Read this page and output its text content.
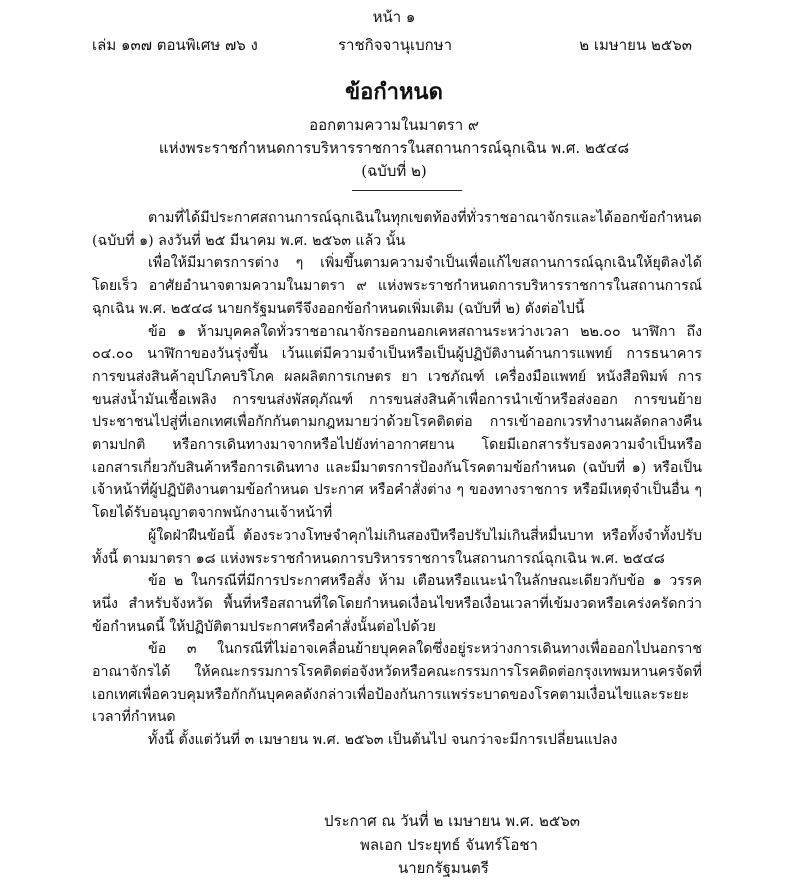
หน้า ๑
เล่ม ๑๓๗ ตอนพิเศษ ๗๖ ง	ราชกิจจานุเบกษา	๒ เมษายน ๒๕๖๓
ข้อกำหนด
ออกตามความในมาตรา ๙
แห่งพระราชกำหนดการบริหารราชการในสถานการณ์ฉุกเฉิน พ.ศ. ๒๕๔๘
(ฉบับที่ ๒)

ตามที่ได้มีประกาศสถานการณ์ฉุกเฉินในทุกเขตท้องที่ทั่วราชอาณาจักรและได้ออกข้อกำหนด (ฉบับที่ ๑) ลงวันที่ ๒๕ มีนาคม พ.ศ. ๒๕๖๓ แล้ว นั้น

เพื่อให้มีมาตรการต่าง ๆ เพิ่มขึ้นตามความจำเป็นเพื่อแก้ไขสถานการณ์ฉุกเฉินให้ยุติลงได้โดยเร็ว อาศัยอำนาจตามความในมาตรา ๙ แห่งพระราชกำหนดการบริหารราชการในสถานการณ์ฉุกเฉิน พ.ศ. ๒๕๔๘ นายกรัฐมนตรีจึงออกข้อกำหนดเพิ่มเติม (ฉบับที่ ๒) ดังต่อไปนี้

ข้อ ๑ ห้ามบุคคลใดทั่วราชอาณาจักรออกนอกเคหสถานระหว่างเวลา ๒๒.๐๐ นาฬิกา ถึง ๐๔.๐๐ นาฬิกาของวันรุ่งขึ้น เว้นแต่มีความจำเป็นหรือเป็นผู้ปฏิบัติงานด้านการแพทย์ การธนาคาร การขนส่งสินค้าอุปโภคบริโภค ผลผลิตการเกษตร ยา เวชภัณฑ์ เครื่องมือแพทย์ หนังสือพิมพ์ การขนส่งน้ำมันเชื้อเพลิง การขนส่งพัสดุภัณฑ์ การขนส่งสินค้าเพื่อการนำเข้าหรือส่งออก การขนย้ายประชาชนไปสู่ที่เอกเทศเพื่อกักกันตามกฎหมายว่าด้วยโรคติดต่อ การเข้าออกเวรทำงานผลัดกลางคืนตามปกติ หรือการเดินทางมาจากหรือไปยังท่าอากาศยาน โดยมีเอกสารรับรองความจำเป็นหรือเอกสารเกี่ยวกับสินค้าหรือการเดินทาง และมีมาตรการป้องกันโรคตามข้อกำหนด (ฉบับที่ ๑) หรือเป็นเจ้าหน้าที่ผู้ปฏิบัติงานตามข้อกำหนด ประกาศ หรือคำสั่งต่าง ๆ ของทางราชการ หรือมีเหตุจำเป็นอื่น ๆ โดยได้รับอนุญาตจากพนักงานเจ้าหน้าที่

ผู้ใดฝ่าฝืนข้อนี้ ต้องระวางโทษจำคุกไม่เกินสองปีหรือปรับไม่เกินสี่หมื่นบาท หรือทั้งจำทั้งปรับ ทั้งนี้ ตามมาตรา ๑๘ แห่งพระราชกำหนดการบริหารราชการในสถานการณ์ฉุกเฉิน พ.ศ. ๒๕๔๘

ข้อ ๒ ในกรณีที่มีการประกาศหรือสั่ง ห้าม เตือนหรือแนะนำในลักษณะเดียวกับข้อ ๑ วรรคหนึ่ง สำหรับจังหวัด พื้นที่หรือสถานที่ใดโดยกำหนดเงื่อนไขหรือเงื่อนเวลาที่เข้มงวดหรือเคร่งครัดกว่าข้อกำหนดนี้ ให้ปฏิบัติตามประกาศหรือคำสั่งนั้นต่อไปด้วย

ข้อ ๓ ในกรณีที่ไม่อาจเคลื่อนย้ายบุคคลใดซึ่งอยู่ระหว่างการเดินทางเพื่อออกไปนอกราชอาณาจักรได้ ให้คณะกรรมการโรคติดต่อจังหวัดหรือคณะกรรมการโรคติดต่อกรุงเทพมหานครจัดที่เอกเทศเพื่อควบคุมหรือกักกันบุคคลดังกล่าวเพื่อป้องกันการแพร่ระบาดของโรคตามเงื่อนไขและระยะเวลาที่กำหนด

ทั้งนี้ ตั้งแต่วันที่ ๓ เมษายน พ.ศ. ๒๕๖๓ เป็นต้นไป จนกว่าจะมีการเปลี่ยนแปลง

ประกาศ ณ วันที่ ๒ เมษายน พ.ศ. ๒๕๖๓
พลเอก ประยุทธ์ จันทร์โอชา
นายกรัฐมนตรี
